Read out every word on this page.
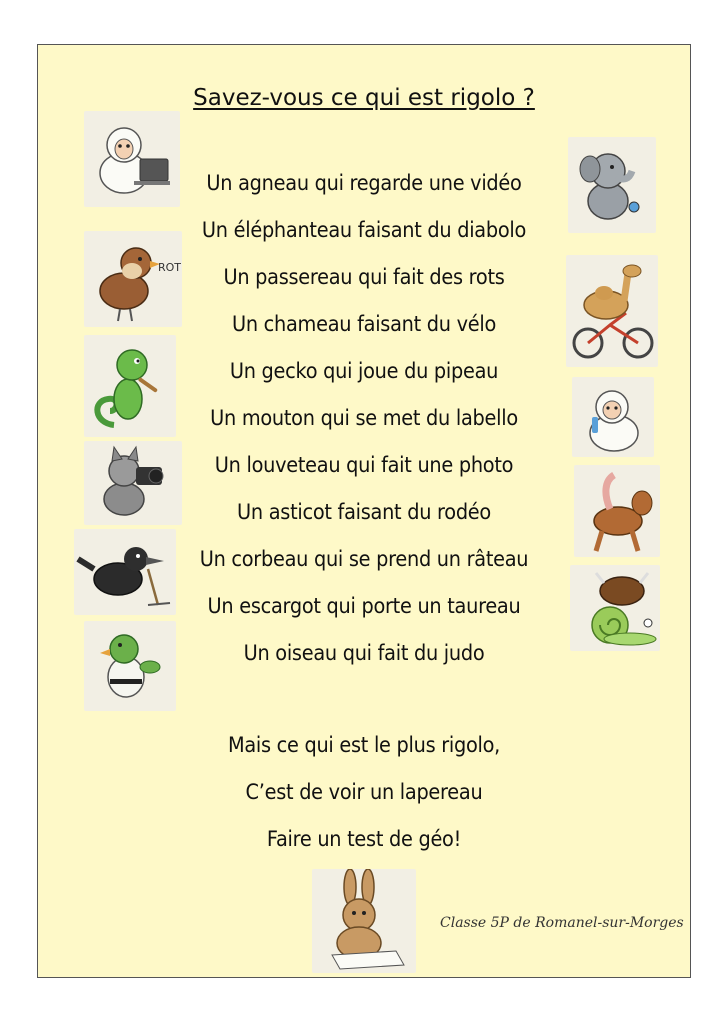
Savez-vous ce qui est rigolo ?
Un agneau qui regarde une vidéo
Un éléphanteau faisant du diabolo
Un passereau qui fait des rots
Un chameau faisant du vélo
Un gecko qui joue du pipeau
Un mouton qui se met du labello
Un louveteau qui fait une photo
Un asticot faisant du rodéo
Un corbeau qui se prend un râteau
Un escargot qui porte un taureau
Un oiseau qui fait du judo
Mais ce qui est le plus rigolo,
C’est de voir un lapereau
Faire un test de géo!
ROT
Classe 5P de Romanel-sur-Morges
